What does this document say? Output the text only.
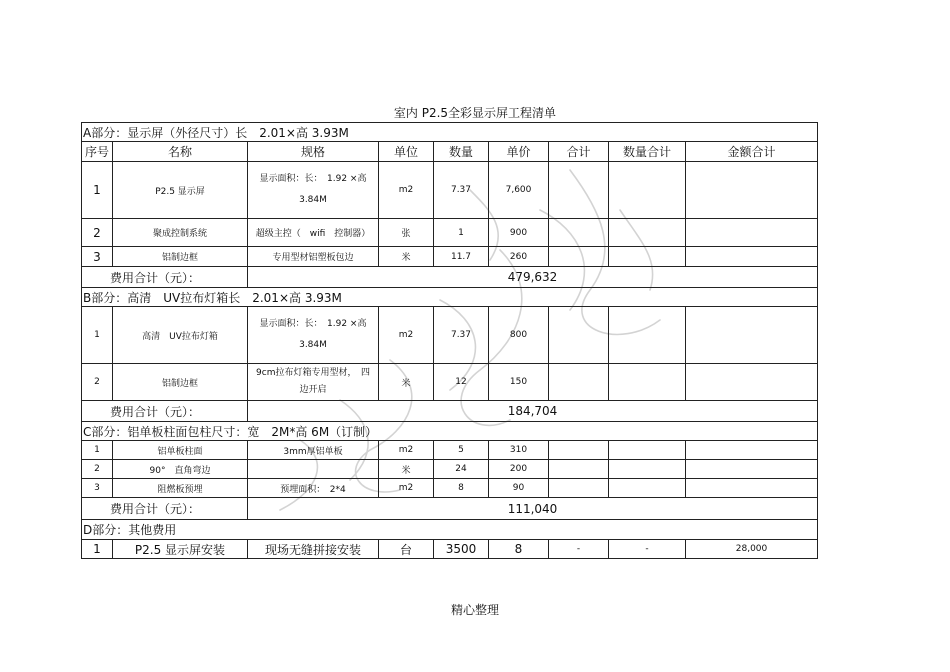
室内 P2.5全彩显示屏工程清单
A部分：显示屏（外径尺寸）长　2.01×高 3.93M								
序号	名称	规格	单位	数量	单价	合计	数量合计	金额合计
1	P2.5 显示屏	显示面积：长：　1.92 ×高
3.84M	m2	7.37	7,600			
2	聚成控制系统	超级主控（　wifi　控制器）	张	1	900			
3	铝制边框	专用型材铝塑板包边	米	11.7	260			
费用合计（元）：		479,632						
B部分：高清　UV拉布灯箱长　2.01×高 3.93M								
1	高清　UV拉布灯箱	显示面积：长：　1.92 ×高
3.84M	m2	7.37	800			
2	铝制边框	9cm拉布灯箱专用型材，　四
边开启	米	12	150			
费用合计（元）：		184,704						
C部分：铝单板柱面包柱尺寸：宽　2M*高 6M（订制）								
1	铝单板柱面	3mm厚铝单板	m2	5	310			
2	90°　直角弯边		米	24	200			
3	阻燃板预埋	预埋面积：　2*4	m2	8	90			
费用合计（元）：		111,040						
D部分：其他费用								
1	P2.5 显示屏安装	现场无缝拼接安装	台	3500	8	-	-	28,000
精心整理
